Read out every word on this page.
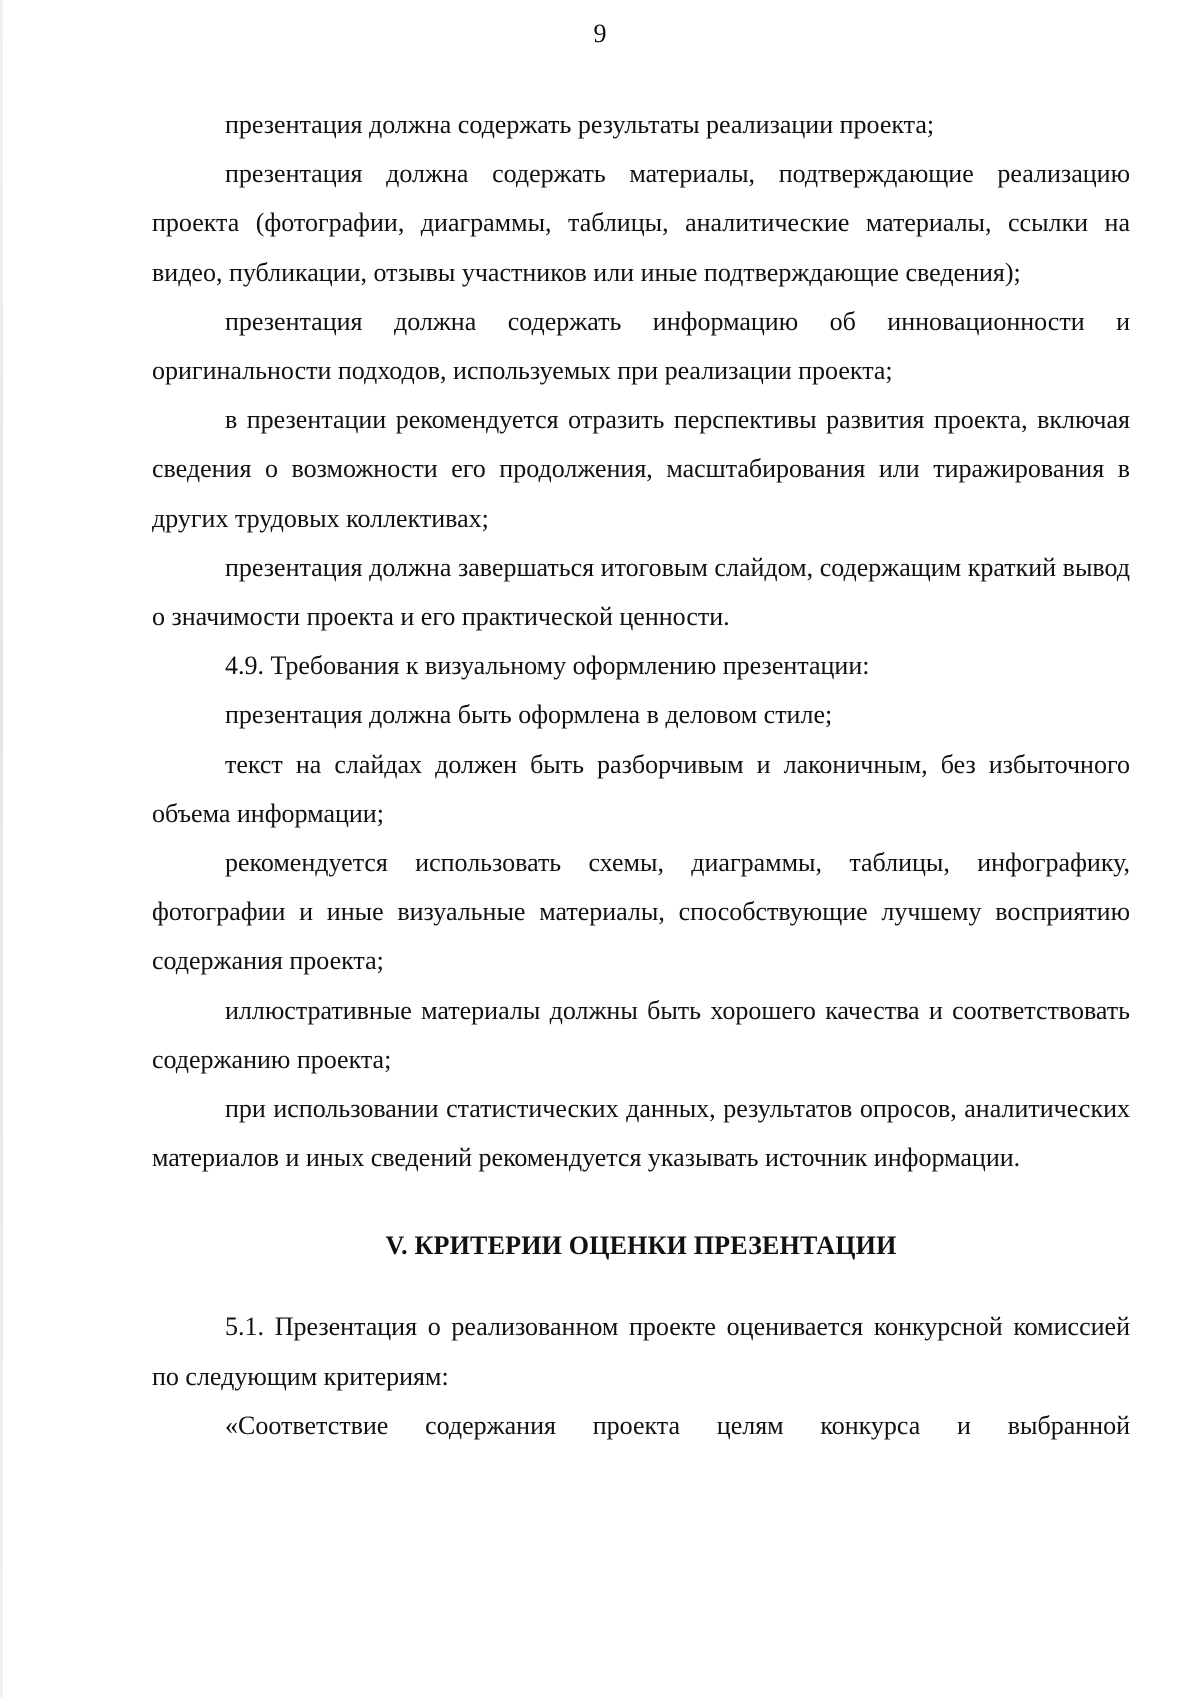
9

презентация должна содержать результаты реализации проекта;

презентация должна содержать материалы, подтверждающие реализацию проекта (фотографии, диаграммы, таблицы, аналитические материалы, ссылки на видео, публикации, отзывы участников или иные подтверждающие сведения);

презентация должна содержать информацию об инновационности и оригинальности подходов, используемых при реализации проекта;

в презентации рекомендуется отразить перспективы развития проекта, включая сведения о возможности его продолжения, масштабирования или тиражирования в других трудовых коллективах;

презентация должна завершаться итоговым слайдом, содержащим краткий вывод о значимости проекта и его практической ценности.

4.9. Требования к визуальному оформлению презентации:

презентация должна быть оформлена в деловом стиле;

текст на слайдах должен быть разборчивым и лаконичным, без избыточного объема информации;

рекомендуется использовать схемы, диаграммы, таблицы, инфографику, фотографии и иные визуальные материалы, способствующие лучшему восприятию содержания проекта;

иллюстративные материалы должны быть хорошего качества и соответствовать содержанию проекта;

при использовании статистических данных, результатов опросов, аналитических материалов и иных сведений рекомендуется указывать источник информации.

V. КРИТЕРИИ ОЦЕНКИ ПРЕЗЕНТАЦИИ

5.1. Презентация о реализованном проекте оценивается конкурсной комиссией по следующим критериям:

«Соответствие содержания проекта целям конкурса и выбранной
